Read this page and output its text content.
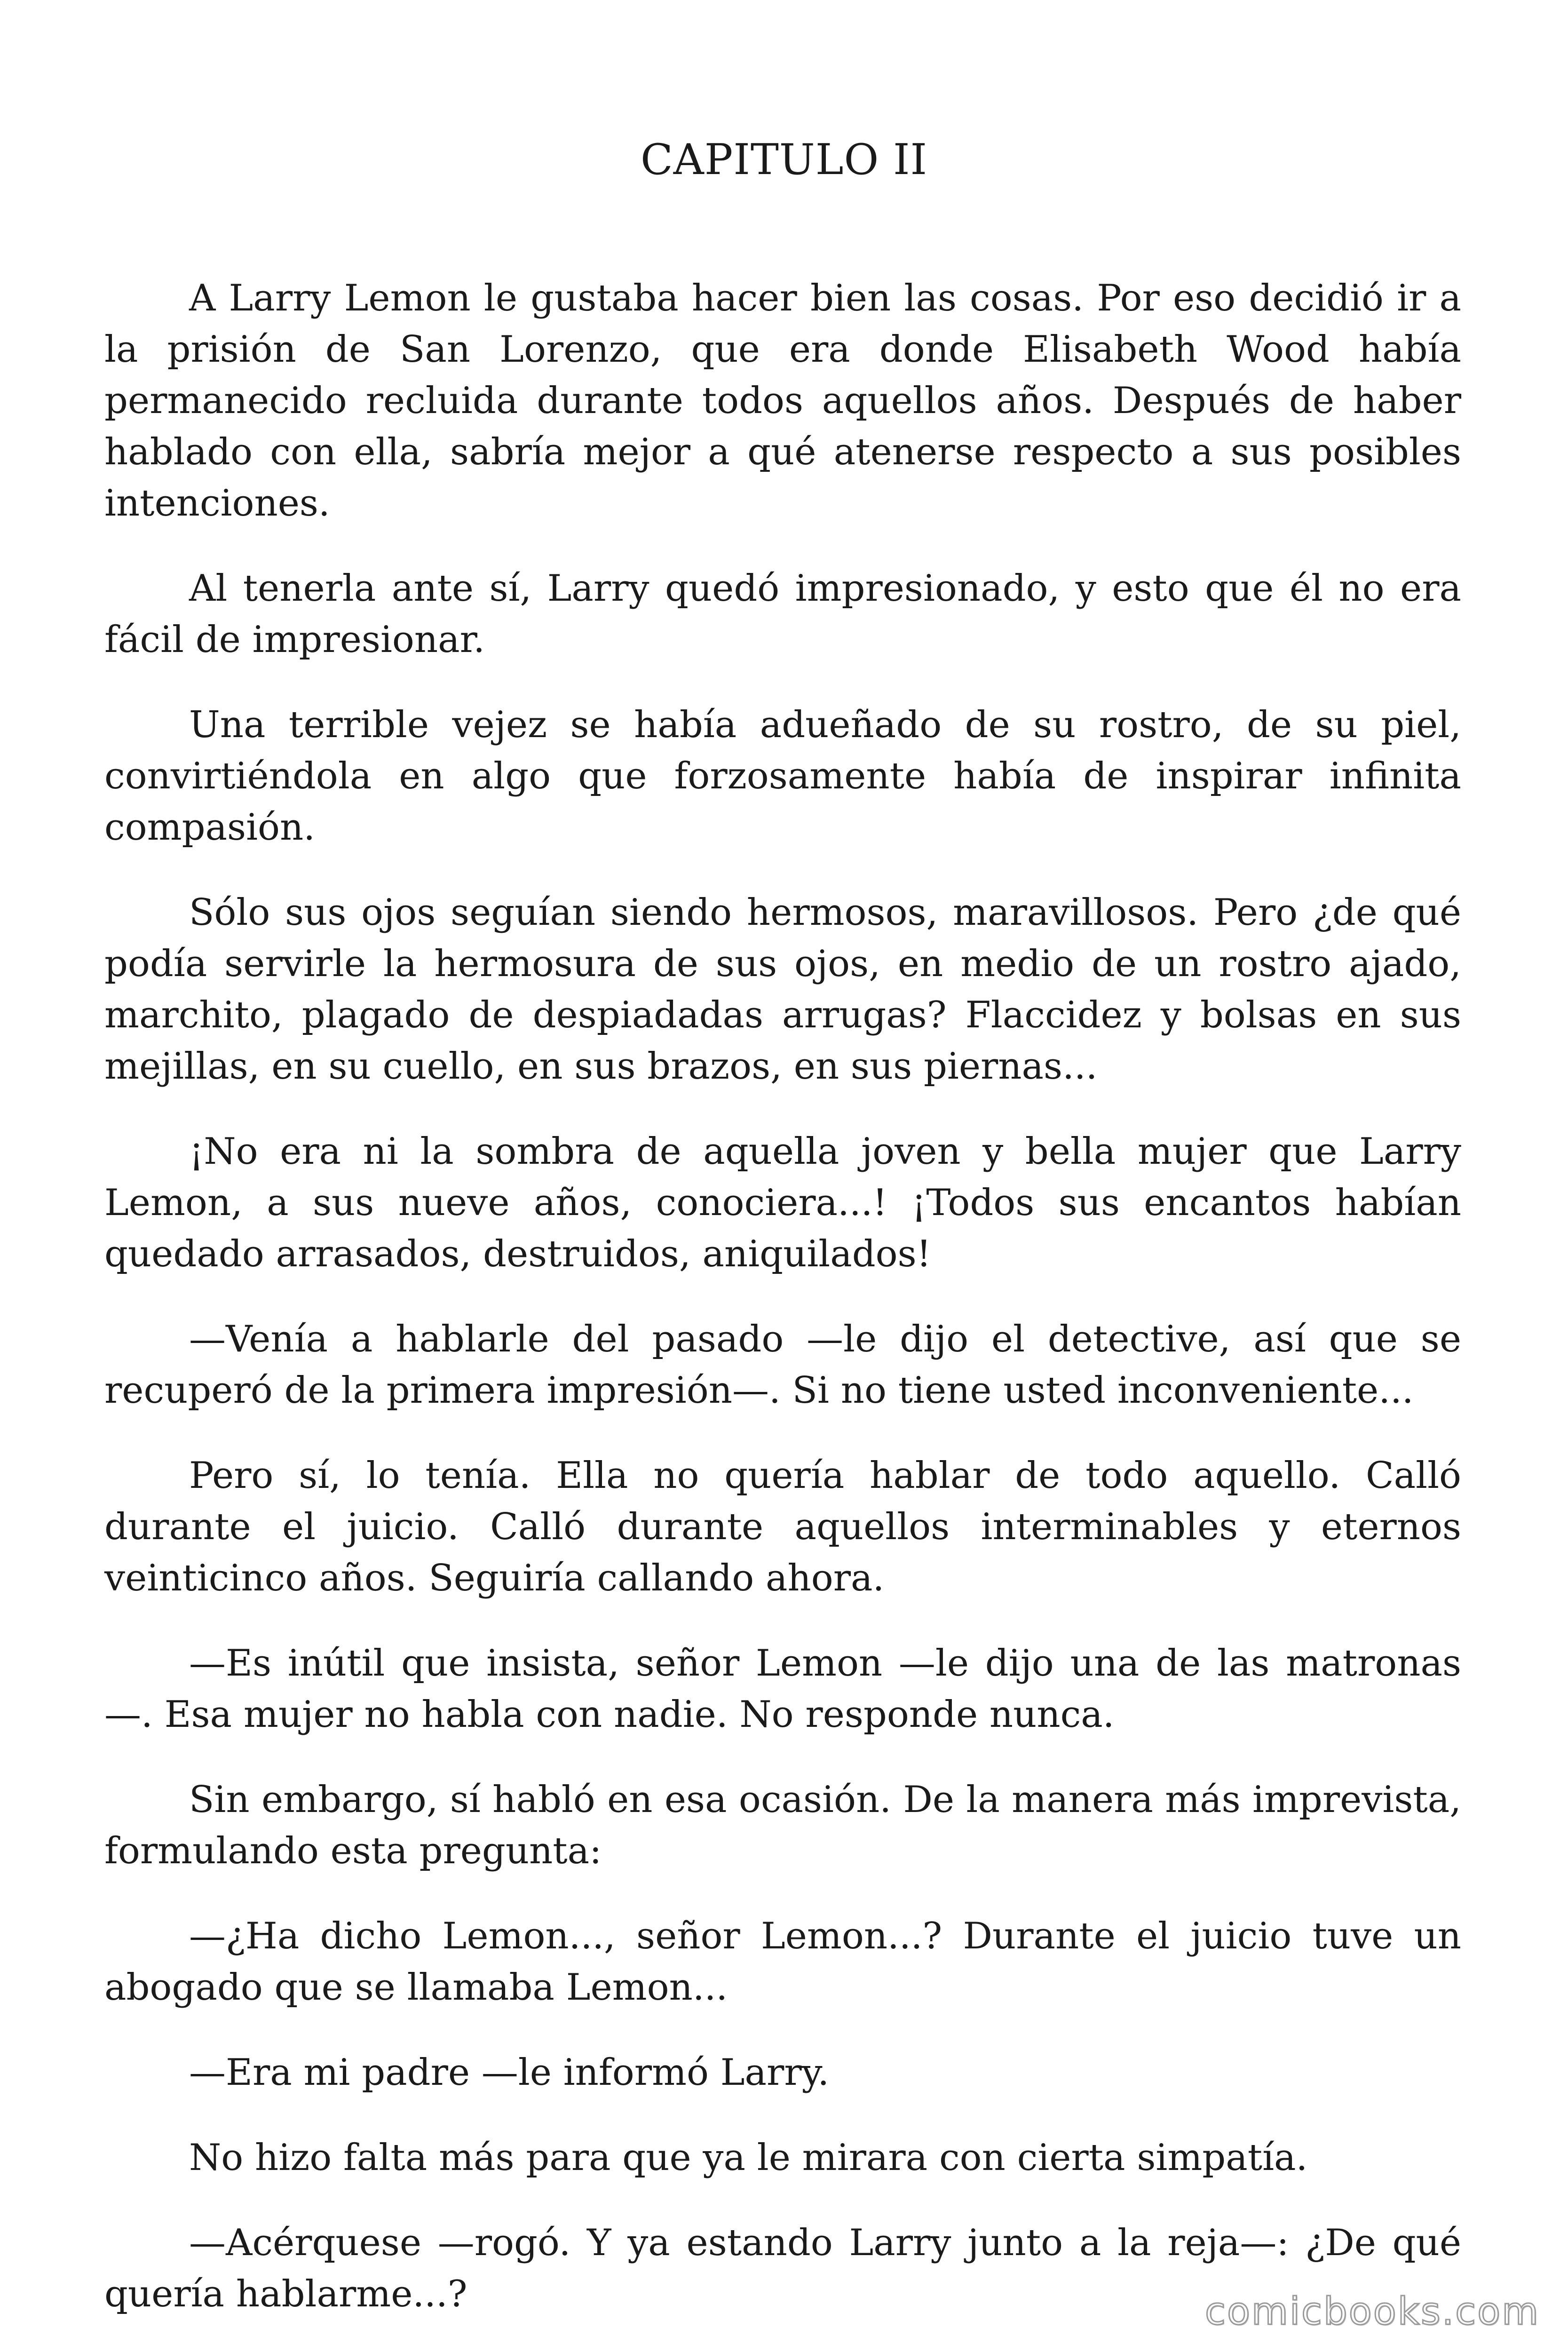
CAPITULO II

A Larry Lemon le gustaba hacer bien las cosas. Por eso decidió ir a la prisión de San Lorenzo, que era donde Elisabeth Wood había permanecido recluida durante todos aquellos años. Después de haber hablado con ella, sabría mejor a qué atenerse respecto a sus posibles intenciones.

Al tenerla ante sí, Larry quedó impresionado, y esto que él no era fácil de impresionar.

Una terrible vejez se había adueñado de su rostro, de su piel, convirtiéndola en algo que forzosamente había de inspirar infinita compasión.

Sólo sus ojos seguían siendo hermosos, maravillosos. Pero ¿de qué podía servirle la hermosura de sus ojos, en medio de un rostro ajado, marchito, plagado de despiadadas arrugas? Flaccidez y bolsas en sus mejillas, en su cuello, en sus brazos, en sus piernas...

¡No era ni la sombra de aquella joven y bella mujer que Larry Lemon, a sus nueve años, conociera...! ¡Todos sus encantos habían quedado arrasados, destruidos, aniquilados!

—Venía a hablarle del pasado —le dijo el detective, así que se recuperó de la primera impresión—. Si no tiene usted inconveniente...

Pero sí, lo tenía. Ella no quería hablar de todo aquello. Calló durante el juicio. Calló durante aquellos interminables y eternos veinticinco años. Seguiría callando ahora.

—Es inútil que insista, señor Lemon —le dijo una de las matronas —. Esa mujer no habla con nadie. No responde nunca.

Sin embargo, sí habló en esa ocasión. De la manera más imprevista, formulando esta pregunta:

—¿Ha dicho Lemon..., señor Lemon...? Durante el juicio tuve un abogado que se llamaba Lemon...

—Era mi padre —le informó Larry.

No hizo falta más para que ya le mirara con cierta simpatía.

—Acérquese —rogó. Y ya estando Larry junto a la reja—: ¿De qué quería hablarme...?	comicbooks.com
